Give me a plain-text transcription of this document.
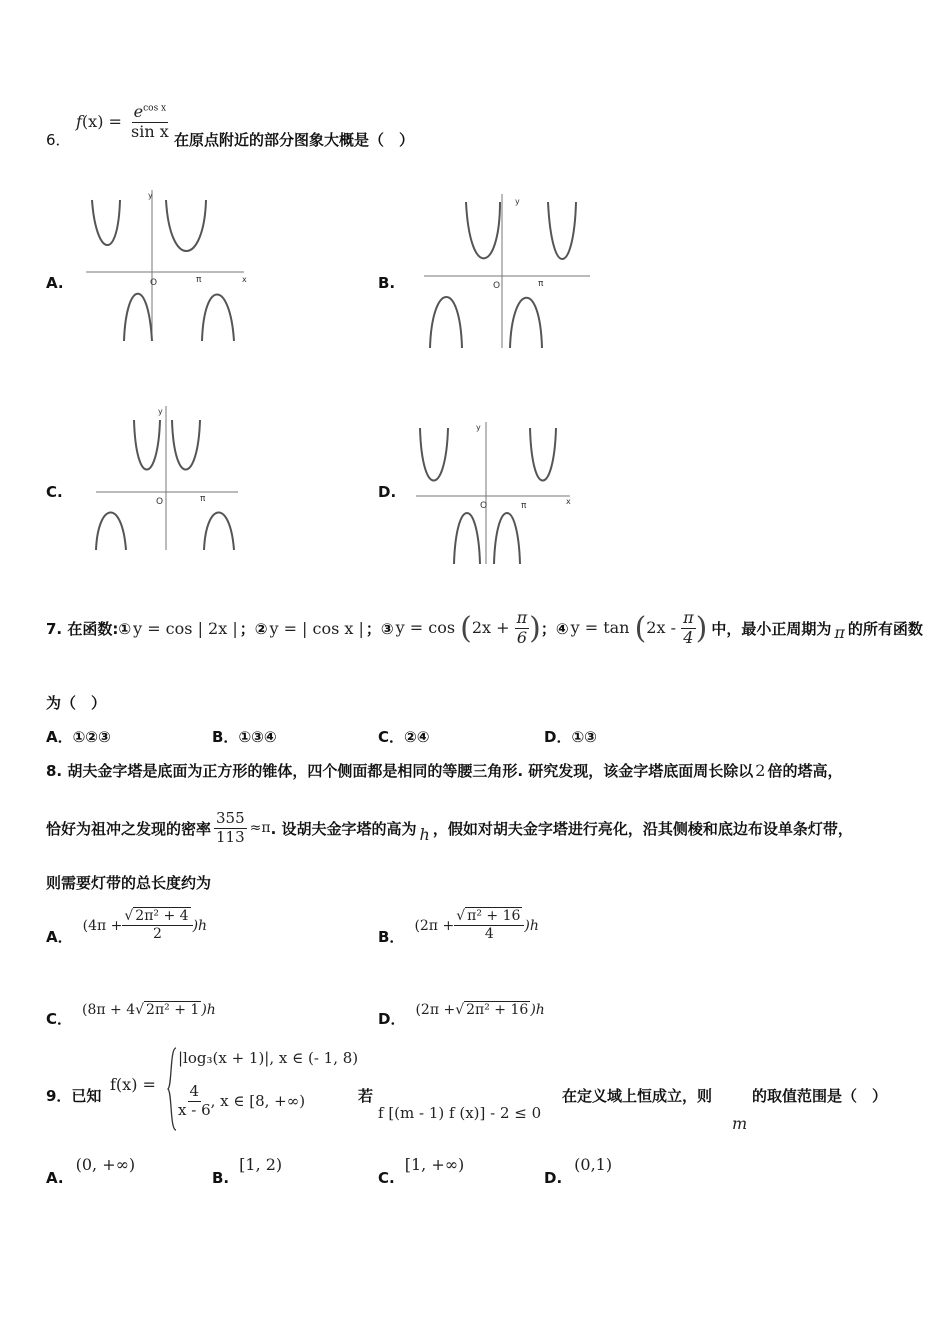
6．
$f(x) = \frac{e^{cos x}}{\text{sin x}}$ 在原点附近的部分图象大概是（　）
A.
y
x
O	π	B.
y
O	π
C.
y
O	π	D.
y
x
O	π
7. 在函数:① y = cos | 2x | ；② y = | cos x | ；③ $y = \cos (2x + \frac{\pi}{6}$ ) ；④ $y = \tan (2x - \frac{\pi}{4}$ ) 中，最小正周期为 π 的所有函数
为（　）
A．①②③	B．①③④	C．②④	D．①③
8. 胡夫金字塔是底面为正方形的锥体，四个侧面都是相同的等腰三角形. 研究发现，该金字塔底面周长除以 2 倍的塔高，
恰好为祖冲之发现的密率 $\frac{355}{113} \approx\pi$ . 设胡夫金字塔的高为 h ，假如对胡夫金字塔进行亮化，沿其侧棱和底边布设单条灯带，
则需要灯带的总长度约为
A．
$(4\pi + \frac{\text{√ 2π² + 4}}{2} )h$
B．
$(2\pi + \frac{\text{√ π² + 16}}{4} )h$
C．
(8π + 4 √ 2π² + 1 )h
D．
(2π + √ 2π² + 16 )h
9．已知
f(x) =
|log₃(x + 1)|, x ∈ (- 1, 8)
$\frac{4}{x - 6}$ , x ∈ [8, +∞)	若
f [(m - 1) f (x)] - 2 ≤ 0
在定义域上恒成立，则
m
的取值范围是（　）
A.
(0, +∞)
B.
[1, 2)
C.
[1, +∞)
D.
(0,1)
